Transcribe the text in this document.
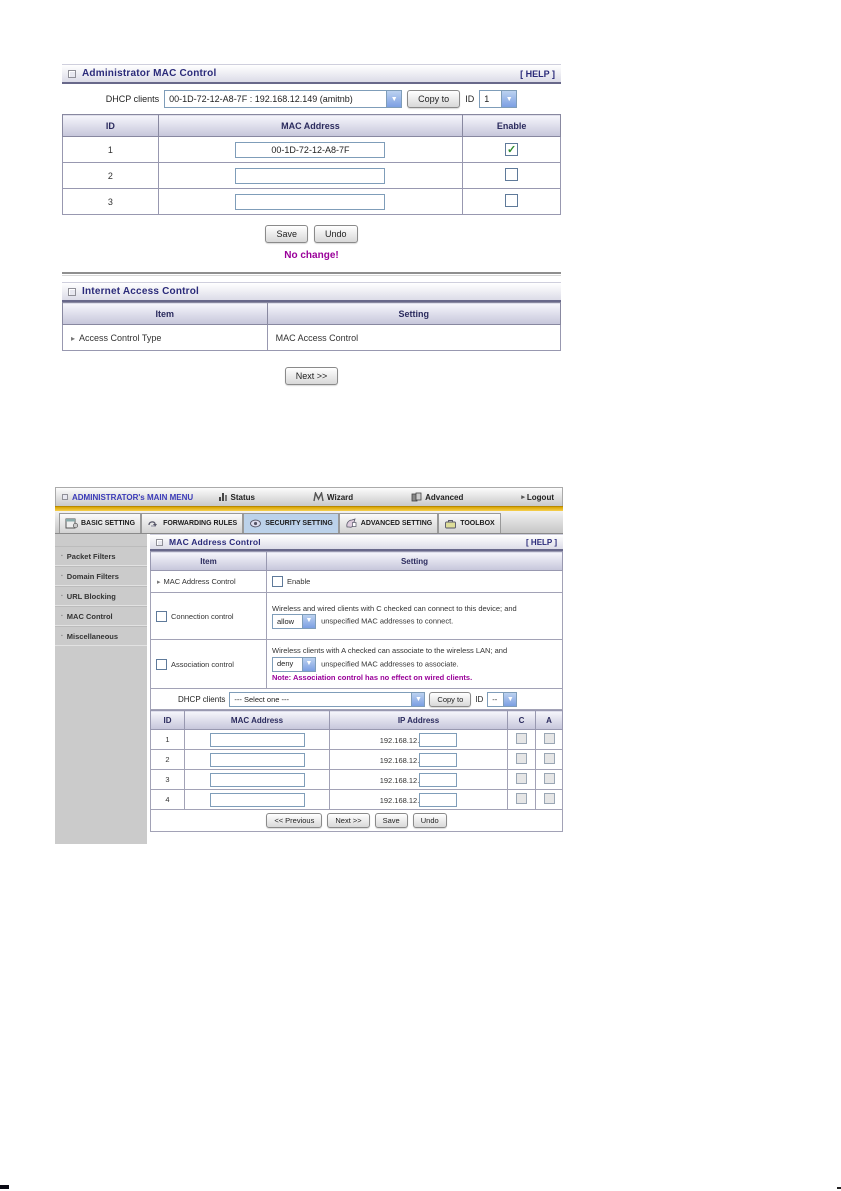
Administrator MAC Control	[ HELP ]
DHCP clients	00-1D-72-12-A8-7F : 192.168.12.149 (amitnb)	▼	Copy to	ID	1	▼
ID	MAC Address	Enable
1	00-1D-72-12-A8-7F	✓
2		
3		
Save	Undo
No change!
Internet Access Control
Item	Setting
▸ Access Control Type	MAC Access Control
Next >>
ADMINISTRATOR's MAIN MENU	Status	Wizard	Advanced	▸ Logout
BASIC SETTING	FORWARDING RULES	SECURITY SETTING	ADVANCED SETTING	TOOLBOX
▪ Packet Filters
▪ Domain Filters
▪ URL Blocking
▪ MAC Control
▪ Miscellaneous
MAC Address Control	[ HELP ]
Item	Setting
▸ MAC Address Control	Enable

Connection control	Wireless and wired clients with C checked can connect to this device; and

allow ▼ unspecified MAC addresses to connect.

Association control	Wireless clients with A checked can associate to the wireless LAN; and

deny ▼ unspecified MAC addresses to associate.
Note: Association control has no effect on wired clients.
DHCP clients	--- Select one ---	▼	Copy to	ID	--	▼
ID	MAC Address	IP Address	C	A
1		192.168.12.		
2		192.168.12.		
3		192.168.12.		
4		192.168.12.		
<< Previous	Next >>	Save	Undo
